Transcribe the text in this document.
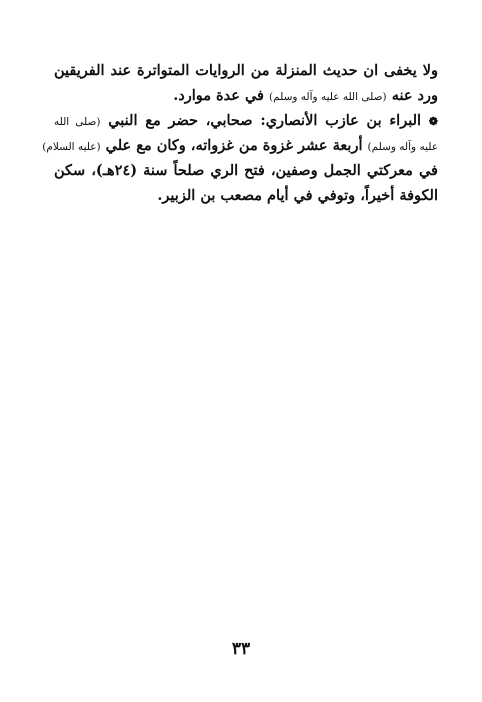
ولا يخفى ان حديث المنزلة من الروايات المتواترة عند الفريقين
ورد عنه (صلى الله عليه وآله وسلم) في عدة موارد.
❁ البراء بن عازب الأنصاري: صحابي، حضر مع النبي (صلى الله
عليه وآله وسلم) أربعة عشر غزوة من غزواته، وكان مع علي (عليه السلام)
في معركتي الجمل وصفين، فتح الري صلحاً سنة (٢٤هـ)، سكن
الكوفة أخيراً، وتوفي في أيام مصعب بن الزبير.
٣٣
